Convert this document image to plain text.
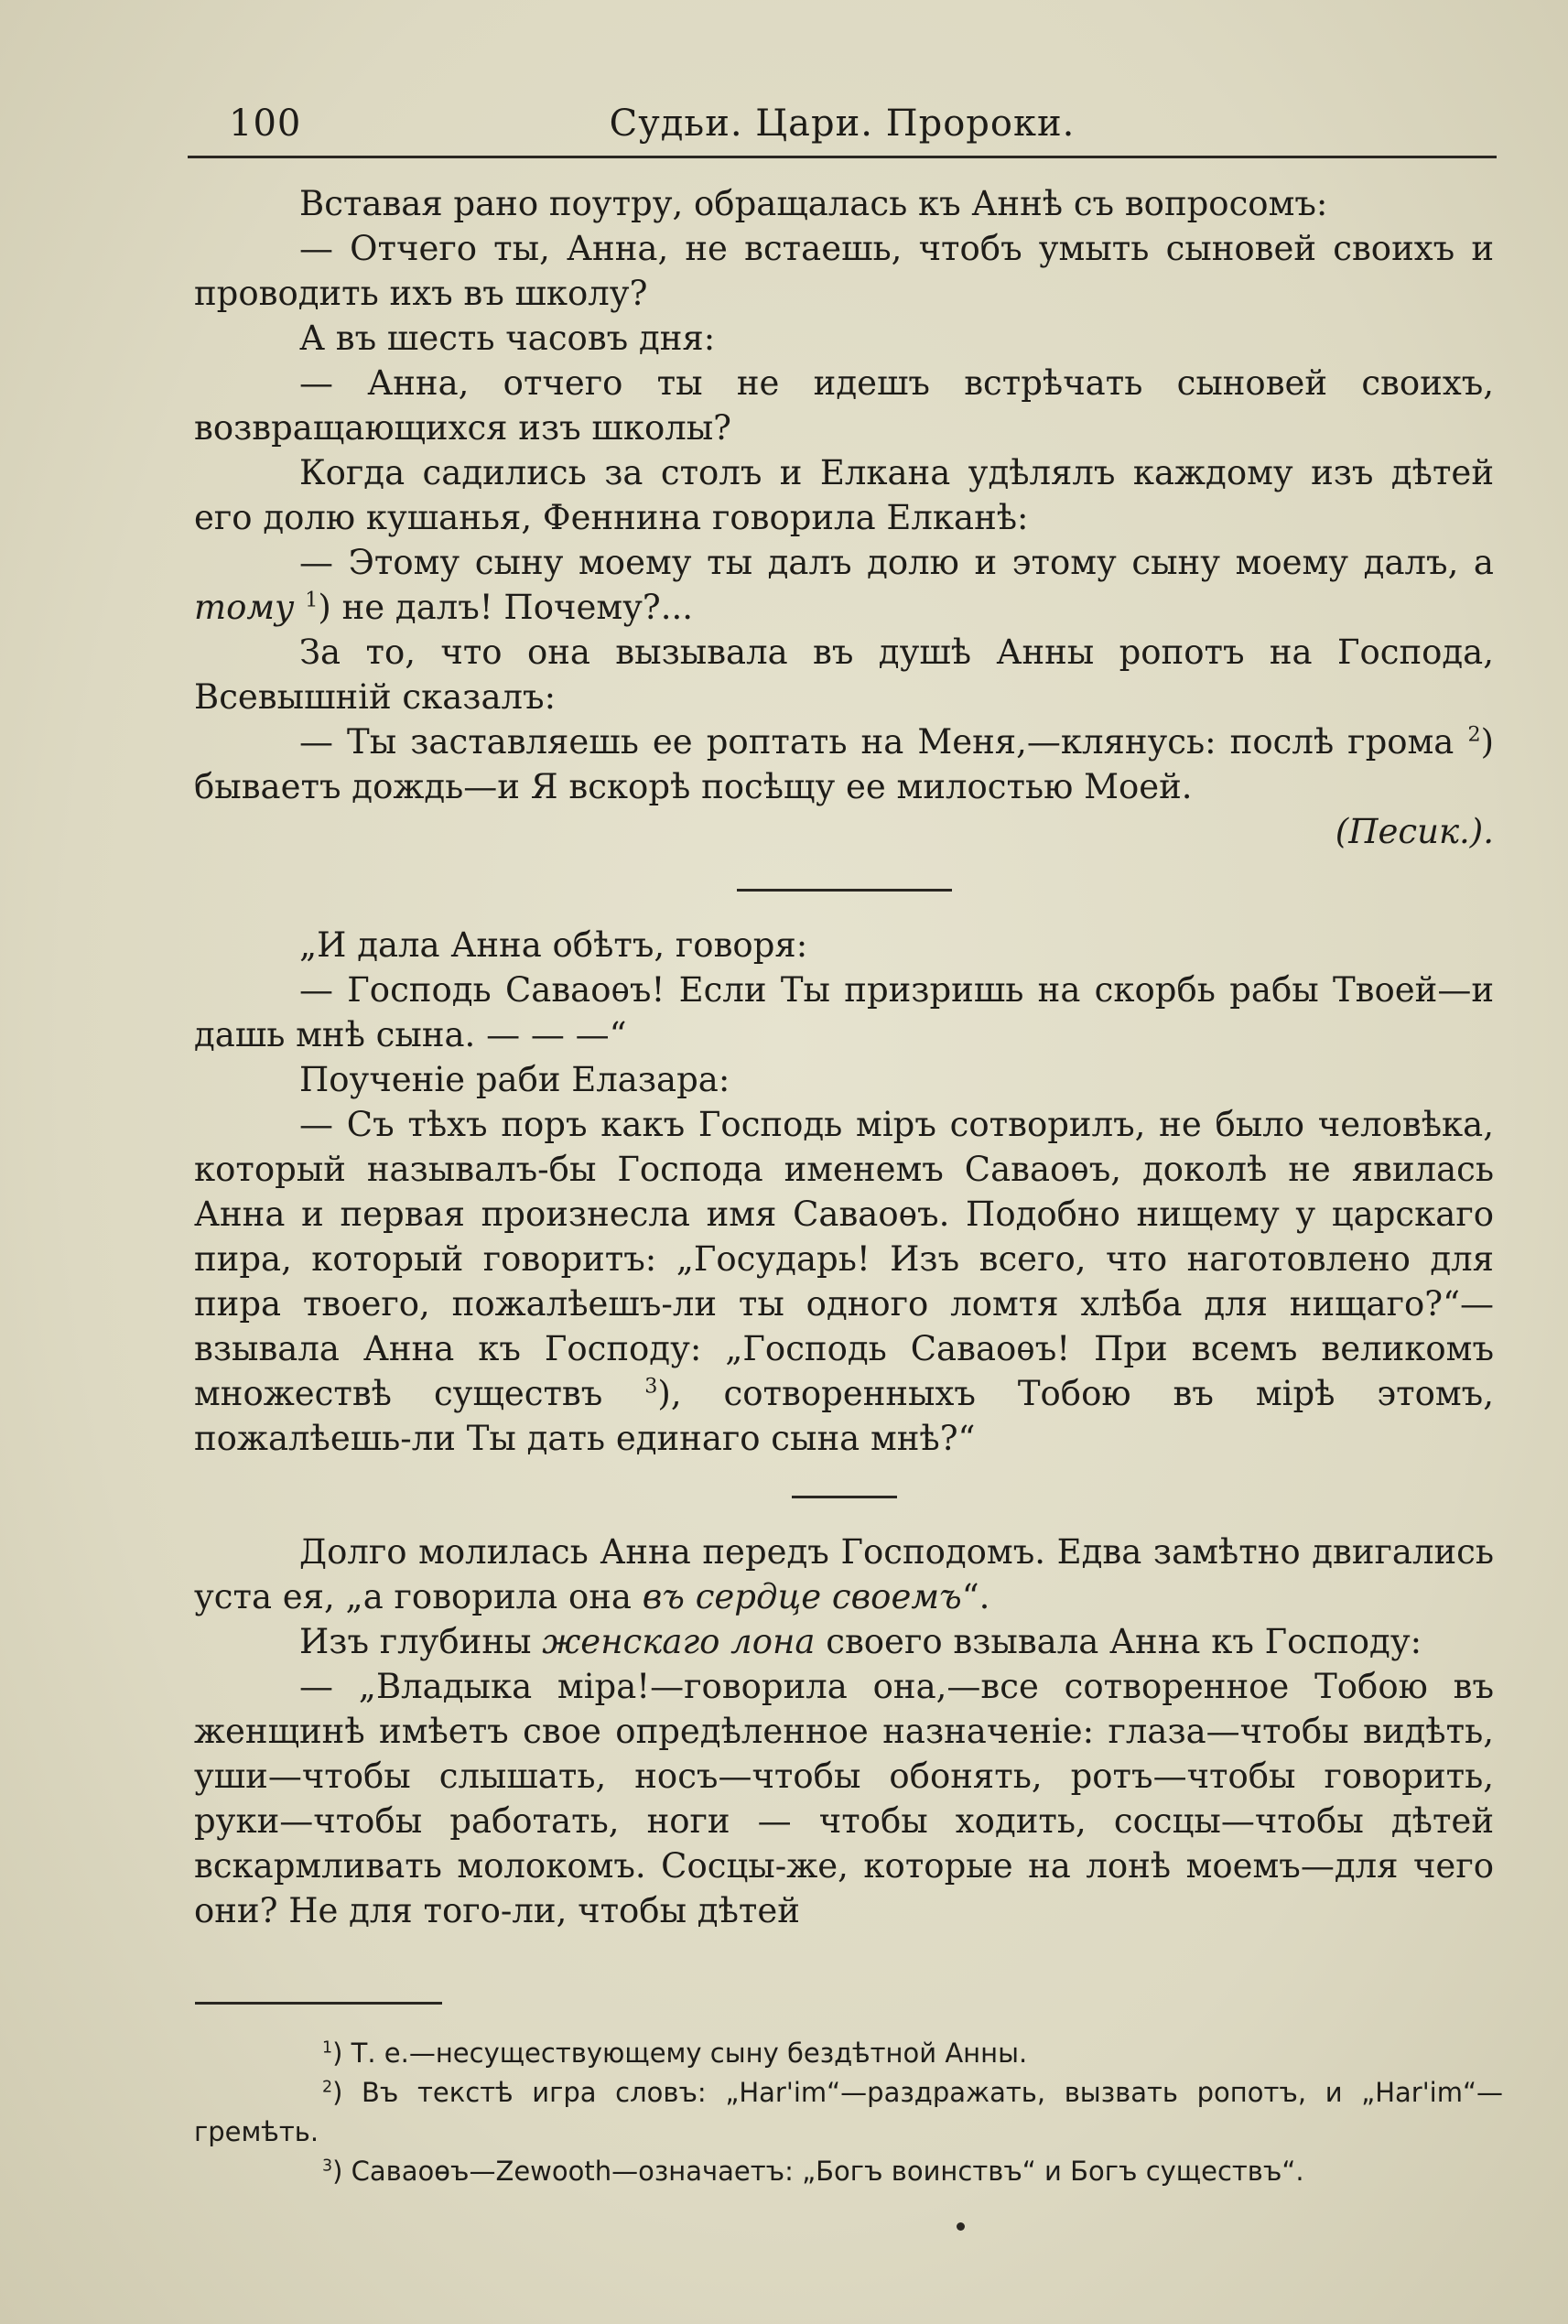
100	Судьи. Цари. Пророки.

Вставая рано поутру, обращалась къ Аннѣ съ вопросомъ:

— Отчего ты, Анна, не встаешь, чтобъ умыть сыновей своихъ и проводить ихъ въ школу?

А въ шесть часовъ дня:

— Анна, отчего ты не идешъ встрѣчать сыновей своихъ, возвращающихся изъ школы?

Когда садились за столъ и Елкана удѣлялъ каждому изъ дѣтей его долю кушанья, Феннина говорила Елканѣ:

— Этому сыну моему ты далъ долю и этому сыну моему далъ, а тому $^1$) не далъ! Почему?...

За то, что она вызывала въ душѣ Анны ропотъ на Господа, Всевышній сказалъ:

— Ты заставляешь ее роптать на Меня,—клянусь: послѣ грома $^2$) бываетъ дождь—и Я вскорѣ посѣщу ее милостью Моей.

(Песик.).

„И дала Анна обѣтъ, говоря:

— Господь Саваоѳъ! Если Ты призришь на скорбь рабы Твоей—и дашь мнѣ сына. — — —“

Поученіе раби Елазара:

— Съ тѣхъ поръ какъ Господь міръ сотворилъ, не было человѣка, который называлъ-бы Господа именемъ Саваоѳъ, доколѣ не явилась Анна и первая произнесла имя Саваоѳъ. Подобно нищему у царскаго пира, который говоритъ: „Государь! Изъ всего, что наготовлено для пира твоего, пожалѣешъ-ли ты одного ломтя хлѣба для нищаго?“—взывала Анна къ Господу: „Господь Саваоѳъ! При всемъ великомъ множествѣ существъ $^3$), сотворенныхъ Тобою въ мірѣ этомъ, пожалѣешь-ли Ты дать единаго сына мнѣ?“

Долго молилась Анна передъ Господомъ. Едва замѣтно двигались уста ея, „а говорила она въ сердце своемъ“.

Изъ глубины женскаго лона своего взывала Анна къ Господу:

— „Владыка міра!—говорила она,—все сотворенное Тобою въ женщинѣ имѣетъ свое опредѣленное назначеніе: глаза—чтобы видѣть, уши—чтобы слышать, носъ—чтобы обонять, ротъ—чтобы говорить, руки—чтобы работать, ноги — чтобы ходить, сосцы—чтобы дѣтей вскармливать молокомъ. Сосцы-же, которые на лонѣ моемъ—для чего они? Не для того-ли, чтобы дѣтей

$^1$) Т. е.—несуществующему сыну бездѣтной Анны.

$^2$) Въ текстѣ игра словъ: „Har'im“—раздражать, вызвать ропотъ, и „Har'im“—гремѣть.

$^3$) Саваоѳъ—Zewooth—означаетъ: „Богъ воинствъ“ и Богъ существъ“.
